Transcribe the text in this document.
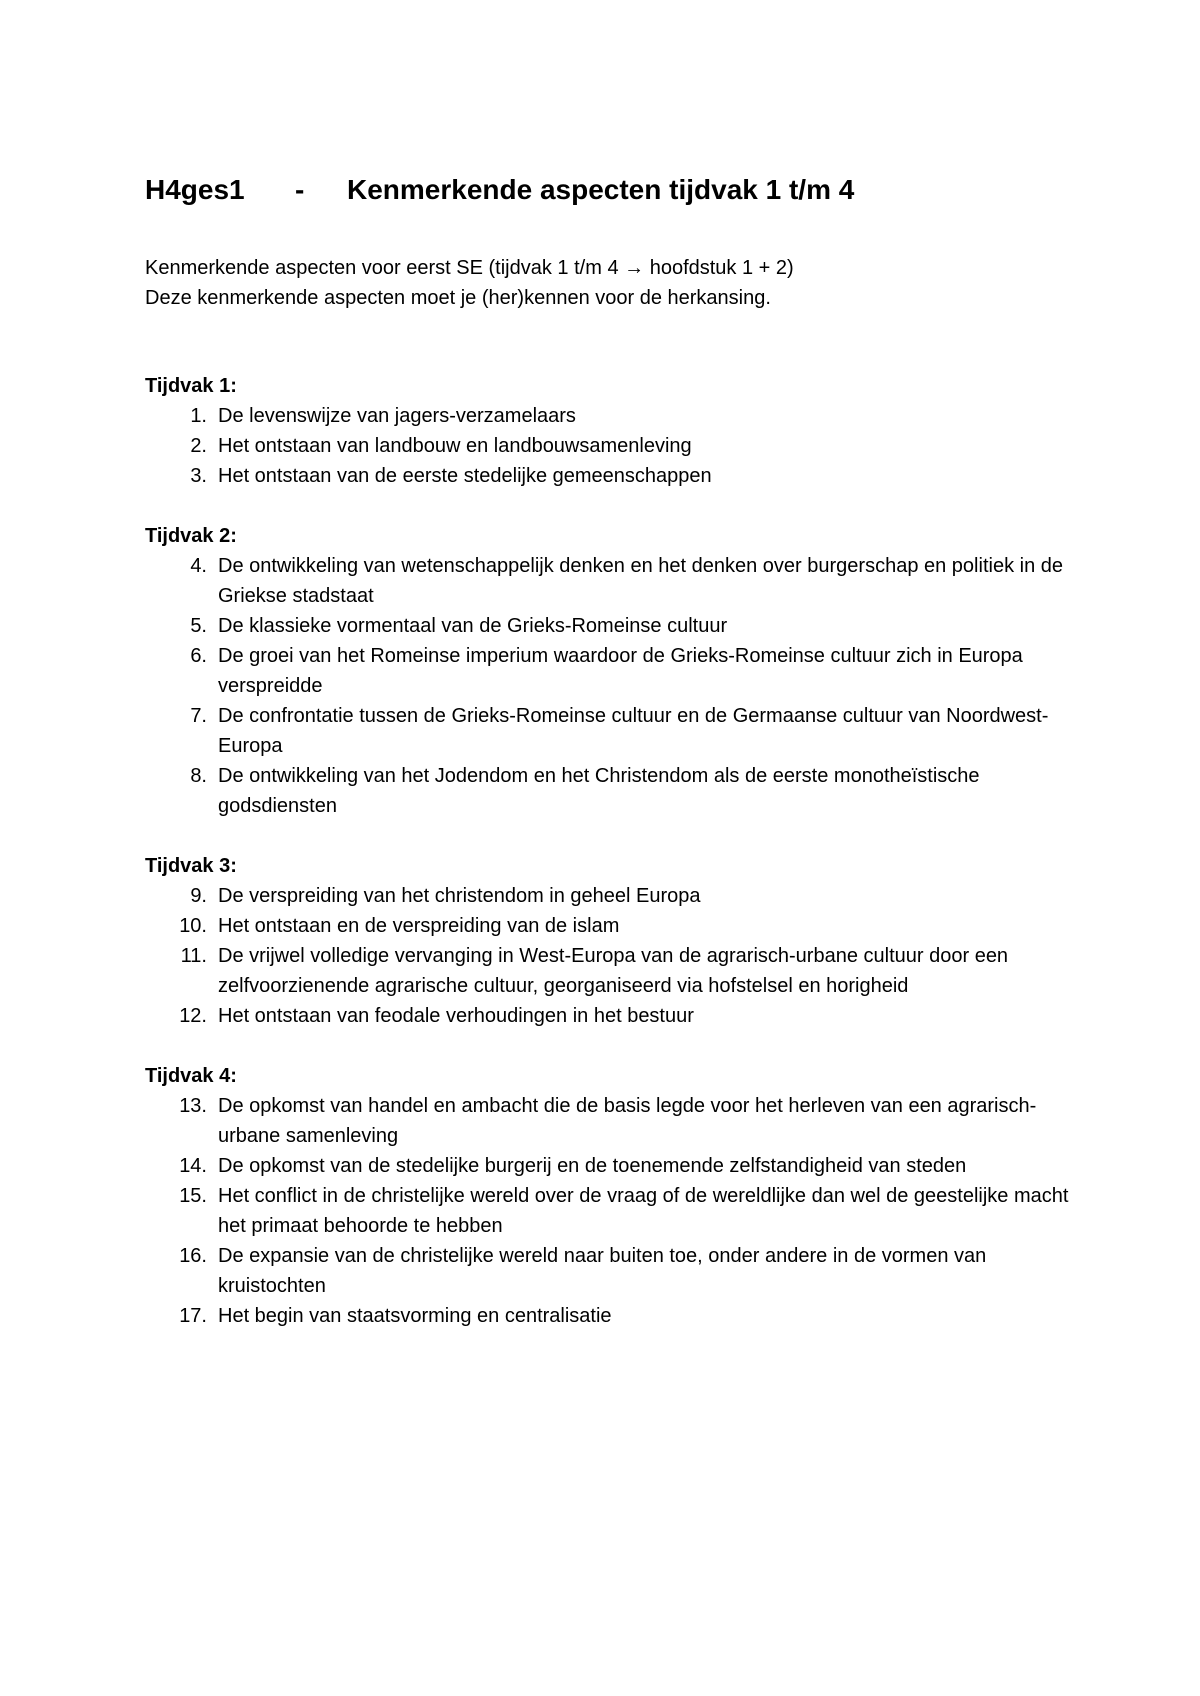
H4ges1 - Kenmerkende aspecten tijdvak 1 t/m 4
Kenmerkende aspecten voor eerst SE (tijdvak 1 t/m 4 → hoofdstuk 1 + 2)
Deze kenmerkende aspecten moet je (her)kennen voor de herkansing.
Tijdvak 1:
1. De levenswijze van jagers-verzamelaars
2. Het ontstaan van landbouw en landbouwsamenleving
3. Het ontstaan van de eerste stedelijke gemeenschappen
Tijdvak 2:
4. De ontwikkeling van wetenschappelijk denken en het denken over burgerschap en politiek in de Griekse stadstaat
5. De klassieke vormentaal van de Grieks-Romeinse cultuur
6. De groei van het Romeinse imperium waardoor de Grieks-Romeinse cultuur zich in Europa verspreidde
7. De confrontatie tussen de Grieks-Romeinse cultuur en de Germaanse cultuur van Noordwest-Europa
8. De ontwikkeling van het Jodendom en het Christendom als de eerste monotheïstische godsdiensten
Tijdvak 3:
9. De verspreiding van het christendom in geheel Europa
10. Het ontstaan en de verspreiding van de islam
11. De vrijwel volledige vervanging in West-Europa van de agrarisch-urbane cultuur door een zelfvoorzienende agrarische cultuur, georganiseerd via hofstelsel en horigheid
12. Het ontstaan van feodale verhoudingen in het bestuur
Tijdvak 4:
13. De opkomst van handel en ambacht die de basis legde voor het herleven van een agrarisch-urbane samenleving
14. De opkomst van de stedelijke burgerij en de toenemende zelfstandigheid van steden
15. Het conflict in de christelijke wereld over de vraag of de wereldlijke dan wel de geestelijke macht het primaat behoorde te hebben
16. De expansie van de christelijke wereld naar buiten toe, onder andere in de vormen van kruistochten
17. Het begin van staatsvorming en centralisatie
